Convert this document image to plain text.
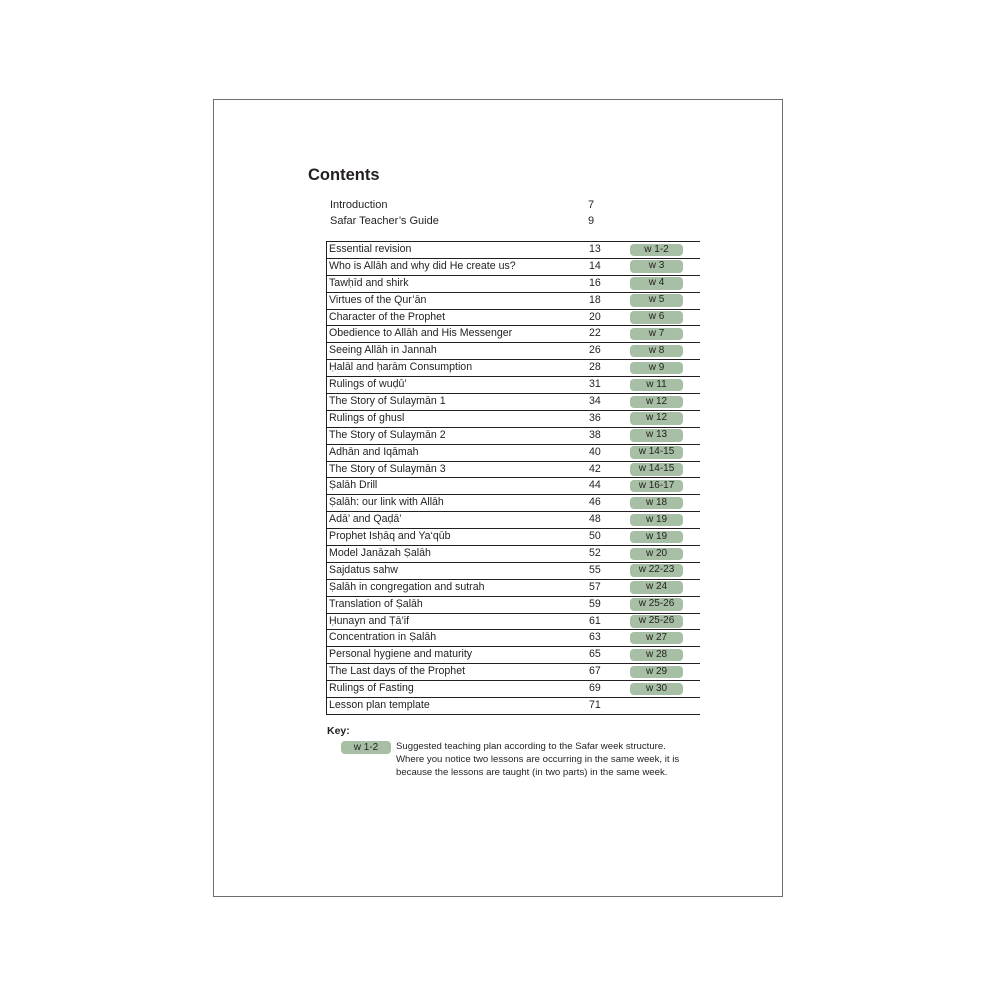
Contents
Introduction	7
Safar Teacher’s Guide	9
Essential revision	13	w 1-2
Who is Allāh and why did He create us?	14	w 3
Tawḥīd and shirk	16	w 4
Virtues of the Qur’ān	18	w 5
Character of the Prophet	20	w 6
Obedience to Allāh and His Messenger	22	w 7
Seeing Allāh in Jannah	26	w 8
Ḥalāl and ḥarām Consumption	28	w 9
Rulings of wuḍū’	31	w 11
The Story of Sulaymān 1	34	w 12
Rulings of ghusl	36	w 12
The Story of Sulaymān 2	38	w 13
Adhān and Iqāmah	40	w 14-15
The Story of Sulaymān 3	42	w 14-15
Ṣalāh Drill	44	w 16-17
Ṣalāh: our link with Allāh	46	w 18
Adā’ and Qaḍā’	48	w 19
Prophet Isḥāq and Ya‘qūb	50	w 19
Model Janāzah Ṣalāh	52	w 20
Sajdatus sahw	55	w 22-23
Ṣalāh in congregation and sutrah	57	w 24
Translation of Ṣalāh	59	w 25-26
Ḥunayn and Ṭā’if	61	w 25-26
Concentration in Ṣalāh	63	w 27
Personal hygiene and maturity	65	w 28
The Last days of the Prophet	67	w 29
Rulings of Fasting	69	w 30
Lesson plan template	71
Key:
w 1-2	Suggested teaching plan according to the Safar week structure.
Where you notice two lessons are occurring in the same week, it is
because the lessons are taught (in two parts) in the same week.
